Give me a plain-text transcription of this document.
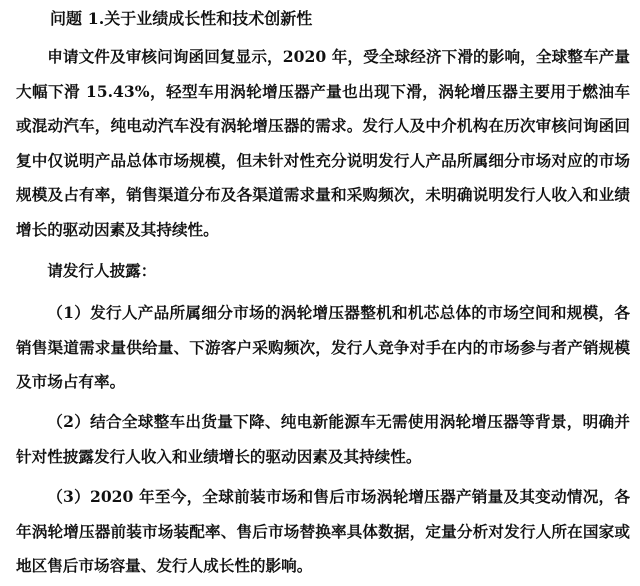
问题 1.关于业绩成长性和技术创新性

申请文件及审核问询函回复显示，2020 年，受全球经济下滑的影响，全球整车产量大幅下滑 15.43%，轻型车用涡轮增压器产量也出现下滑，涡轮增压器主要用于燃油车或混动汽车，纯电动汽车没有涡轮增压器的需求。发行人及中介机构在历次审核问询函回复中仅说明产品总体市场规模，但未针对性充分说明发行人产品所属细分市场对应的市场规模及占有率，销售渠道分布及各渠道需求量和采购频次，未明确说明发行人收入和业绩增长的驱动因素及其持续性。

请发行人披露：

（1）发行人产品所属细分市场的涡轮增压器整机和机芯总体的市场空间和规模，各销售渠道需求量供给量、下游客户采购频次，发行人竞争对手在内的市场参与者产销规模及市场占有率。

（2）结合全球整车出货量下降、纯电新能源车无需使用涡轮增压器等背景，明确并针对性披露发行人收入和业绩增长的驱动因素及其持续性。

（3）2020 年至今，全球前装市场和售后市场涡轮增压器产销量及其变动情况，各年涡轮增压器前装市场装配率、售后市场替换率具体数据，定量分析对发行人所在国家或地区售后市场容量、发行人成长性的影响。
